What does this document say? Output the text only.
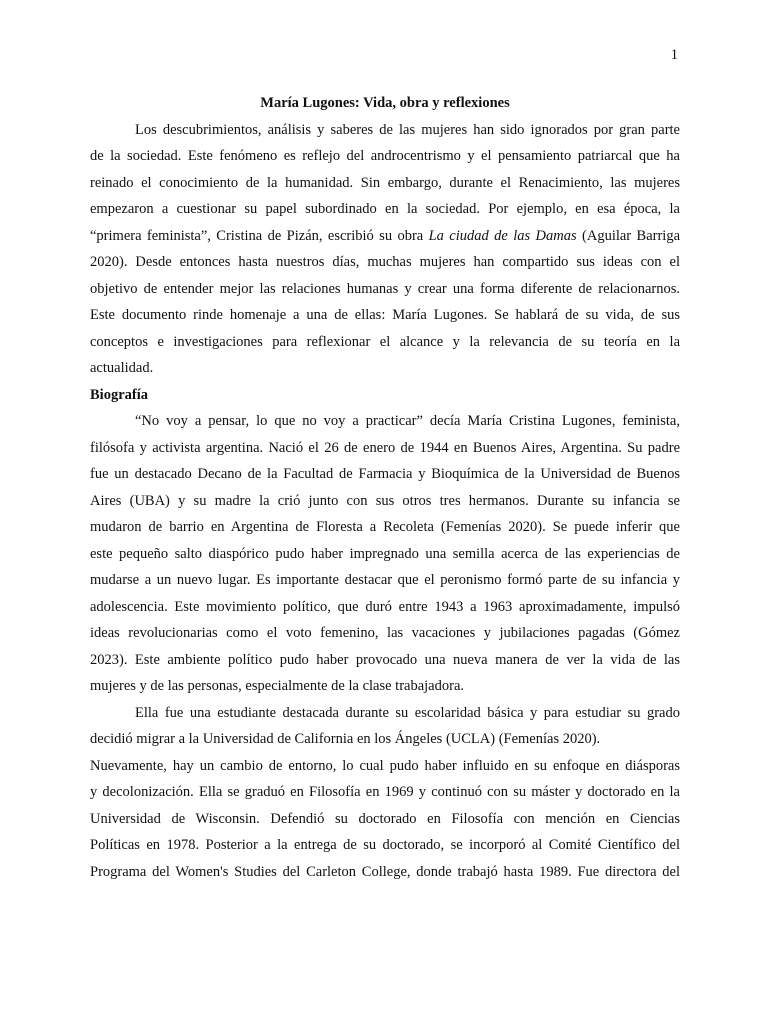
1

María Lugones: Vida, obra y reflexiones

Los descubrimientos, análisis y saberes de las mujeres han sido ignorados por gran parte
de la sociedad. Este fenómeno es reflejo del androcentrismo y el pensamiento patriarcal que ha
reinado el conocimiento de la humanidad. Sin embargo, durante el Renacimiento, las mujeres
empezaron a cuestionar su papel subordinado en la sociedad. Por ejemplo, en esa época, la
“primera feminista”, Cristina de Pizán, escribió su obra La ciudad de las Damas (Aguilar Barriga
2020). Desde entonces hasta nuestros días, muchas mujeres han compartido sus ideas con el
objetivo de entender mejor las relaciones humanas y crear una forma diferente de relacionarnos.
Este documento rinde homenaje a una de ellas: María Lugones. Se hablará de su vida, de sus
conceptos e investigaciones para reflexionar el alcance y la relevancia de su teoría en la
actualidad.

Biografía

“No voy a pensar, lo que no voy a practicar” decía María Cristina Lugones, feminista,
filósofa y activista argentina. Nació el 26 de enero de 1944 en Buenos Aires, Argentina. Su padre
fue un destacado Decano de la Facultad de Farmacia y Bioquímica de la Universidad de Buenos
Aires (UBA) y su madre la crió junto con sus otros tres hermanos. Durante su infancia se
mudaron de barrio en Argentina de Floresta a Recoleta (Femenías 2020). Se puede inferir que
este pequeño salto diaspórico pudo haber impregnado una semilla acerca de las experiencias de
mudarse a un nuevo lugar. Es importante destacar que el peronismo formó parte de su infancia y
adolescencia. Este movimiento político, que duró entre 1943 a 1963 aproximadamente, impulsó
ideas revolucionarias como el voto femenino, las vacaciones y jubilaciones pagadas (Gómez
2023). Este ambiente político pudo haber provocado una nueva manera de ver la vida de las
mujeres y de las personas, especialmente de la clase trabajadora.
Ella fue una estudiante destacada durante su escolaridad básica y para estudiar su grado
decidió migrar a la Universidad de California en los Ángeles (UCLA) (Femenías 2020).
Nuevamente, hay un cambio de entorno, lo cual pudo haber influido en su enfoque en diásporas
y decolonización. Ella se graduó en Filosofía en 1969 y continuó con su máster y doctorado en la
Universidad de Wisconsin. Defendió su doctorado en Filosofía con mención en Ciencias
Políticas en 1978. Posterior a la entrega de su doctorado, se incorporó al Comité Científico del
Programa del Women's Studies del Carleton College, donde trabajó hasta 1989. Fue directora del
